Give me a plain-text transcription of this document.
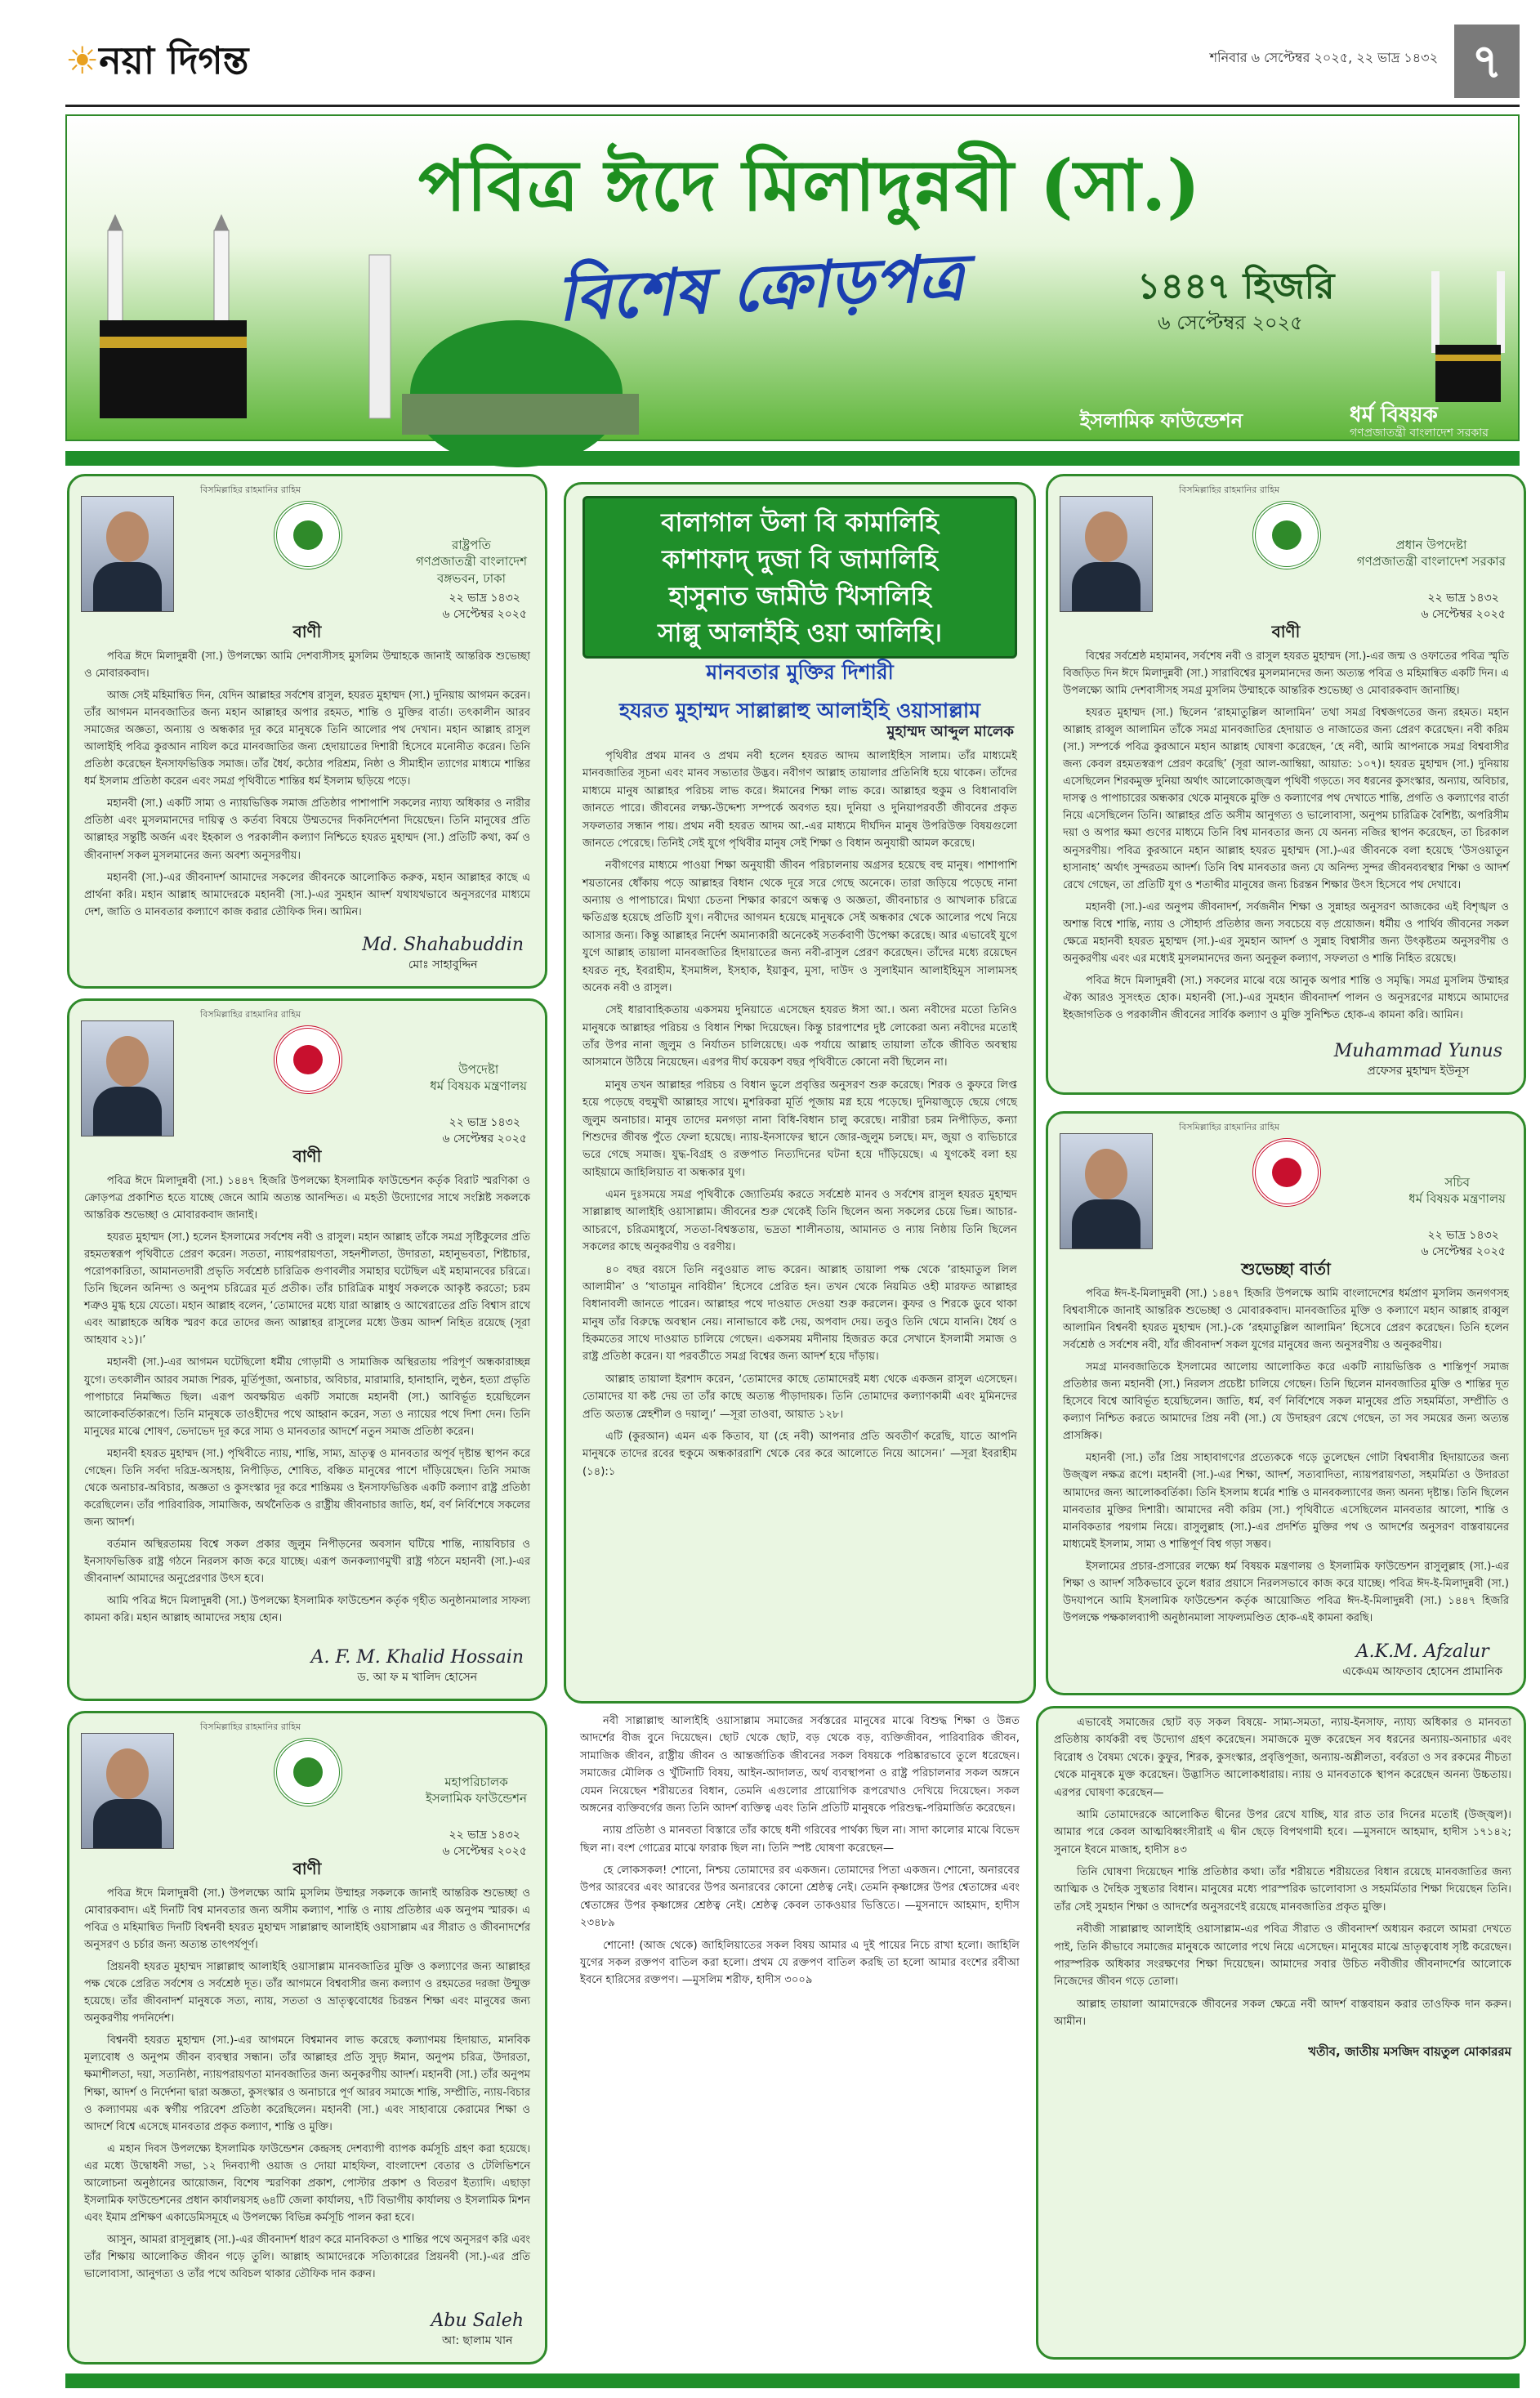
☀নয়া দিগন্ত	শনিবার ৬ সেপ্টেম্বর ২০২৫, ২২ ভাদ্র ১৪৩২ ৭
পবিত্র ঈদে মিলাদুন্নবী (সা.)
বিশেষ ক্রোড়পত্র	১৪৪৭ হিজরি
৬ সেপ্টেম্বর ২০২৫
ইসলামিক ফাউন্ডেশন	ধর্ম বিষয়ক
গণপ্রজাতন্ত্রী বাংলাদেশ সরকার
বিসমিল্লাহির রাহমানির রাহিম
রাষ্ট্রপতি
গণপ্রজাতন্ত্রী বাংলাদেশ
বঙ্গভবন, ঢাকা
২২ ভাদ্র ১৪৩২
৬ সেপ্টেম্বর ২০২৫
বাণী

পবিত্র ঈদে মিলাদুন্নবী (সা.) উপলক্ষ্যে আমি দেশবাসীসহ মুসলিম উম্মাহকে জানাই আন্তরিক শুভেচ্ছা ও মোবারকবাদ।

আজ সেই মহিমান্বিত দিন, যেদিন আল্লাহর সর্বশেষ রাসুল, হযরত মুহাম্মদ (সা.) দুনিয়ায় আগমন করেন। তাঁর আগমন মানবজাতির জন্য মহান আল্লাহর অপার রহমত, শান্তি ও মুক্তির বার্তা। তৎকালীন আরব সমাজের অজ্ঞতা, অন্যায় ও অন্ধকার দূর করে মানুষকে তিনি আলোর পথ দেখান। মহান আল্লাহ রাসুল আলাইহি পবিত্র কুরআন নাযিল করে মানবজাতির জন্য হেদায়াতের দিশারী হিসেবে মনোনীত করেন। তিনি প্রতিষ্ঠা করেছেন ইনসাফভিত্তিক সমাজ। তাঁর ধৈর্য, কঠোর পরিশ্রম, নিষ্ঠা ও সীমাহীন ত্যাগের মাধ্যমে শান্তির ধর্ম ইসলাম প্রতিষ্ঠা করেন এবং সমগ্র পৃথিবীতে শান্তির ধর্ম ইসলাম ছড়িয়ে পড়ে।

মহানবী (সা.) একটি সাম্য ও ন্যায়ভিত্তিক সমাজ প্রতিষ্ঠার পাশাপাশি সকলের ন্যায্য অধিকার ও নারীর প্রতিষ্ঠা এবং মুসলমানদের দায়িত্ব ও কর্তব্য বিষয়ে উম্মতদের দিকনির্দেশনা দিয়েছেন। তিনি মানুষের প্রতি আল্লাহর সন্তুষ্টি অর্জন এবং ইহকাল ও পরকালীন কল্যাণ নিশ্চিতে হযরত মুহাম্মদ (সা.) প্রতিটি কথা, কর্ম ও জীবনাদর্শ সকল মুসলমানের জন্য অবশ্য অনুসরণীয়।

মহানবী (সা.)-এর জীবনাদর্শ আমাদের সকলের জীবনকে আলোকিত করুক, মহান আল্লাহর কাছে এ প্রার্থনা করি। মহান আল্লাহ আমাদেরকে মহানবী (সা.)-এর সুমহান আদর্শ যথাযথভাবে অনুসরণের মাধ্যমে দেশ, জাতি ও মানবতার কল্যাণে কাজ করার তৌফিক দিন। আমিন।

Md. Shahabuddin
মোঃ সাহাবুদ্দিন
বিসমিল্লাহির রাহমানির রাহিম
উপদেষ্টা
ধর্ম বিষয়ক মন্ত্রণালয়
২২ ভাদ্র ১৪৩২
৬ সেপ্টেম্বর ২০২৫
বাণী

পবিত্র ঈদে মিলাদুন্নবী (সা.) ১৪৪৭ হিজরি উপলক্ষ্যে ইসলামিক ফাউন্ডেশন কর্তৃক বিরাট স্মরণিকা ও ক্রোড়পত্র প্রকাশিত হতে যাচ্ছে জেনে আমি অত্যন্ত আনন্দিত। এ মহতী উদ্যোগের সাথে সংশ্লিষ্ট সকলকে আন্তরিক শুভেচ্ছা ও মোবারকবাদ জানাই।

হযরত মুহাম্মদ (সা.) হলেন ইসলামের সর্বশেষ নবী ও রাসুল। মহান আল্লাহ তাঁকে সমগ্র সৃষ্টিকুলের প্রতি রহমতস্বরূপ পৃথিবীতে প্রেরণ করেন। সততা, ন্যায়পরায়ণতা, সহনশীলতা, উদারতা, মহানুভবতা, শিষ্টাচার, পরোপকারিতা, আমানতদারী প্রভৃতি সর্বশ্রেষ্ঠ চারিত্রিক গুণাবলীর সমাহার ঘটেছিল এই মহামানবের চরিত্রে। তিনি ছিলেন অনিন্দ্য ও অনুপম চরিত্রের মূর্ত প্রতীক। তাঁর চারিত্রিক মাধুর্য সকলকে আকৃষ্ট করতো; চরম শত্রুও মুগ্ধ হয়ে যেতো। মহান আল্লাহ বলেন, ‘তোমাদের মধ্যে যারা আল্লাহ ও আখেরাতের প্রতি বিশ্বাস রাখে এবং আল্লাহকে অধিক স্মরণ করে তাদের জন্য আল্লাহর রাসুলের মধ্যে উত্তম আদর্শ নিহিত রয়েছে (সূরা আহযাব ২১)।’

মহানবী (সা.)-এর আগমন ঘটেছিলো ধর্মীয় গোড়ামী ও সামাজিক অস্থিরতায় পরিপূর্ণ অন্ধকারাচ্ছন্ন যুগে। তৎকালীন আরব সমাজ শিরক, মূর্তিপূজা, অনাচার, অবিচার, মারামারি, হানাহানি, লুণ্ঠন, হত্যা প্রভৃতি পাপাচারে নিমজ্জিত ছিল। এরূপ অবক্ষয়িত একটি সমাজে মহানবী (সা.) আবির্ভূত হয়েছিলেন আলোকবর্তিকারূপে। তিনি মানুষকে তাওহীদের পথে আহ্বান করেন, সত্য ও ন্যায়ের পথে দিশা দেন। তিনি মানুষের মাঝে শোষণ, ভেদাভেদ দূর করে সাম্য ও মানবতার আদর্শে নতুন সমাজ প্রতিষ্ঠা করেন।

মহানবী হযরত মুহাম্মদ (সা.) পৃথিবীতে ন্যায়, শান্তি, সাম্য, ভ্রাতৃত্ব ও মানবতার অপূর্ব দৃষ্টান্ত স্থাপন করে গেছেন। তিনি সর্বদা দরিদ্র-অসহায়, নিপীড়িত, শোষিত, বঞ্চিত মানুষের পাশে দাঁড়িয়েছেন। তিনি সমাজ থেকে অনাচার-অবিচার, অজ্ঞতা ও কুসংস্কার দূর করে শান্তিময় ও ইনসাফভিত্তিক একটি কল্যাণ রাষ্ট্র প্রতিষ্ঠা করেছিলেন। তাঁর পারিবারিক, সামাজিক, অর্থনৈতিক ও রাষ্ট্রীয় জীবনাচার জাতি, ধর্ম, বর্ণ নির্বিশেষে সকলের জন্য আদর্শ।

বর্তমান অস্থিরতাময় বিশ্বে সকল প্রকার জুলুম নিপীড়নের অবসান ঘটিয়ে শান্তি, ন্যায়বিচার ও ইনসাফভিত্তিক রাষ্ট্র গঠনে নিরলস কাজ করে যাচ্ছে। এরূপ জনকল্যাণমুখী রাষ্ট্র গঠনে মহানবী (সা.)-এর জীবনাদর্শ আমাদের অনুপ্রেরণার উৎস হবে।

আমি পবিত্র ঈদে মিলাদুন্নবী (সা.) উপলক্ষ্যে ইসলামিক ফাউন্ডেশন কর্তৃক গৃহীত অনুষ্ঠানমালার সাফল্য কামনা করি। মহান আল্লাহ আমাদের সহায় হোন।

A. F. M. Khalid Hossain
ড. আ ফ ম খালিদ হোসেন
বিসমিল্লাহির রাহমানির রাহিম
মহাপরিচালক
ইসলামিক ফাউন্ডেশন
২২ ভাদ্র ১৪৩২
৬ সেপ্টেম্বর ২০২৫
বাণী

পবিত্র ঈদে মিলাদুন্নবী (সা.) উপলক্ষ্যে আমি মুসলিম উম্মাহর সকলকে জানাই আন্তরিক শুভেচ্ছা ও মোবারকবাদ। এই দিনটি বিশ্ব মানবতার জন্য অসীম কল্যাণ, শান্তি ও ন্যায় প্রতিষ্ঠার এক অনুপম স্মারক। এ পবিত্র ও মহিমান্বিত দিনটি বিশ্বনবী হযরত মুহাম্মদ সাল্লাল্লাহু আলাইহি ওয়াসাল্লাম এর সীরাত ও জীবনাদর্শের অনুসরণ ও চর্চার জন্য অত্যন্ত তাৎপর্যপূর্ণ।

প্রিয়নবী হযরত মুহাম্মদ সাল্লাল্লাহু আলাইহি ওয়াসাল্লাম মানবজাতির মুক্তি ও কল্যাণের জন্য আল্লাহর পক্ষ থেকে প্রেরিত সর্বশেষ ও সর্বশ্রেষ্ঠ দূত। তাঁর আগমনে বিশ্ববাসীর জন্য কল্যাণ ও রহমতের দরজা উন্মুক্ত হয়েছে। তাঁর জীবনাদর্শ মানুষকে সত্য, ন্যায়, সততা ও ভ্রাতৃত্ববোধের চিরন্তন শিক্ষা এবং মানুষের জন্য অনুকরণীয় পদনির্দেশ।

বিশ্বনবী হযরত মুহাম্মদ (সা.)-এর আগমনে বিশ্বমানব লাভ করেছে কল্যাণময় হিদায়াত, মানবিক মূল্যবোধ ও অনুপম জীবন ব্যবস্থার সন্ধান। তাঁর আল্লাহর প্রতি সুদৃঢ় ঈমান, অনুপম চরিত্র, উদারতা, ক্ষমাশীলতা, দয়া, সত্যনিষ্ঠা, ন্যায়পরায়ণতা মানবজাতির জন্য অনুকরণীয় আদর্শ। মহানবী (সা.) তাঁর অনুপম শিক্ষা, আদর্শ ও নির্দেশনা দ্বারা অজ্ঞতা, কুসংস্কার ও অনাচারে পূর্ণ আরব সমাজে শান্তি, সম্প্রীতি, ন্যায়-বিচার ও কল্যাণময় এক স্বর্গীয় পরিবেশ প্রতিষ্ঠা করেছিলেন। মহানবী (সা.) এবং সাহাবায়ে কেরামের শিক্ষা ও আদর্শে বিশ্বে এসেছে মানবতার প্রকৃত কল্যাণ, শান্তি ও মুক্তি।

এ মহান দিবস উপলক্ষ্যে ইসলামিক ফাউন্ডেশন কেন্দ্রসহ দেশব্যাপী ব্যাপক কর্মসূচি গ্রহণ করা হয়েছে। এর মধ্যে উদ্বোধনী সভা, ১২ দিনব্যাপী ওয়াজ ও দোয়া মাহফিল, বাংলাদেশ বেতার ও টেলিভিশনে আলোচনা অনুষ্ঠানের আয়োজন, বিশেষ স্মরণিকা প্রকাশ, পোস্টার প্রকাশ ও বিতরণ ইত্যাদি। এছাড়া ইসলামিক ফাউন্ডেশনের প্রধান কার্যালয়সহ ৬৪টি জেলা কার্যালয়, ৭টি বিভাগীয় কার্যালয় ও ইসলামিক মিশন এবং ইমাম প্রশিক্ষণ একাডেমিসমূহে এ উপলক্ষ্যে বিভিন্ন কর্মসূচি পালন করা হবে।

আসুন, আমরা রাসূলুল্লাহ (সা.)-এর জীবনাদর্শ ধারণ করে মানবিকতা ও শান্তির পথে অনুসরণ করি এবং তাঁর শিক্ষায় আলোকিত জীবন গড়ে তুলি। আল্লাহ আমাদেরকে সত্যিকারের প্রিয়নবী (সা.)-এর প্রতি ভালোবাসা, আনুগত্য ও তাঁর পথে অবিচল থাকার তৌফিক দান করুন।

Abu Saleh
আ: ছালাম খান
বালাগাল উলা বি কামালিহি
কাশাফাদ্‌ দুজা বি জামালিহি
হাসুনাত জামীউ খিসালিহি
সাল্লু আলাইহি ওয়া আলিহি।
মানবতার মুক্তির দিশারী
হযরত মুহাম্মদ সাল্লাল্লাহু আলাইহি ওয়াসাল্লাম
মুহাম্মদ আব্দুল মালেক

পৃথিবীর প্রথম মানব ও প্রথম নবী হলেন হযরত আদম আলাইহিস সালাম। তাঁর মাধ্যমেই মানবজাতির সূচনা এবং মানব সভ্যতার উদ্ভব। নবীগণ আল্লাহ তায়ালার প্রতিনিধি হয়ে থাকেন। তাঁদের মাধ্যমে মানুষ আল্লাহর পরিচয় লাভ করে। ঈমানের শিক্ষা লাভ করে। আল্লাহর হুকুম ও বিধানাবলি জানতে পারে। জীবনের লক্ষ্য-উদ্দেশ্য সম্পর্কে অবগত হয়। দুনিয়া ও দুনিয়াপরবর্তী জীবনের প্রকৃত সফলতার সন্ধান পায়। প্রথম নবী হযরত আদম আ.-এর মাধ্যমে দীর্ঘদিন মানুষ উপরিউক্ত বিষয়গুলো জানতে পেরেছে। তিনিই সেই যুগে পৃথিবীর মানুষ সেই শিক্ষা ও বিধান অনুযায়ী আমল করেছে।

নবীগণের মাধ্যমে পাওয়া শিক্ষা অনুযায়ী জীবন পরিচালনায় অগ্রসর হয়েছে বহু মানুষ। পাশাপাশি শয়তানের ধোঁকায় পড়ে আল্লাহর বিধান থেকে দূরে সরে গেছে অনেকে। তারা জড়িয়ে পড়েছে নানা অন্যায় ও পাপাচারে। মিথ্যা চেতনা শিক্ষার কারণে অন্ধত্ব ও অজ্ঞতা, জীবনাচার ও আখলাক চরিত্রে ক্ষতিগ্রস্ত হয়েছে প্রতিটি যুগ। নবীদের আগমন হয়েছে মানুষকে সেই অন্ধকার থেকে আলোর পথে নিয়ে আসার জন্য। কিন্তু আল্লাহর নির্দেশ অমান্যকারী অনেকেই সতর্কবাণী উপেক্ষা করেছে। আর এভাবেই যুগে যুগে আল্লাহ তায়ালা মানবজাতির হিদায়াতের জন্য নবী-রাসুল প্রেরণ করেছেন। তাঁদের মধ্যে রয়েছেন হযরত নূহ, ইবরাহীম, ইসমাঈল, ইসহাক, ইয়াকুব, মুসা, দাউদ ও সুলাইমান আলাইহিমুস সালামসহ অনেক নবী ও রাসুল।

সেই ধারাবাহিকতায় একসময় দুনিয়াতে এসেছেন হযরত ঈসা আ.। অন্য নবীদের মতো তিনিও মানুষকে আল্লাহর পরিচয় ও বিধান শিক্ষা দিয়েছেন। কিন্তু চারপাশের দুষ্ট লোকেরা অন্য নবীদের মতোই তাঁর উপর নানা জুলুম ও নির্যাতন চালিয়েছে। এক পর্যায়ে আল্লাহ তায়ালা তাঁকে জীবিত অবস্থায় আসমানে উঠিয়ে নিয়েছেন। এরপর দীর্ঘ কয়েকশ বছর পৃথিবীতে কোনো নবী ছিলেন না।

মানুষ তখন আল্লাহর পরিচয় ও বিধান ভুলে প্রবৃত্তির অনুসরণ শুরু করেছে। শিরক ও কুফরে লিপ্ত হয়ে পড়েছে বহুমুখী আল্লাহর সাথে। মুশরিকরা মূর্তি পূজায় মগ্ন হয়ে পড়েছে। দুনিয়াজুড়ে ছেয়ে গেছে জুলুম অনাচার। মানুষ তাদের মনগড়া নানা বিধি-বিধান চালু করেছে। নারীরা চরম নিপীড়িত, কন্যা শিশুদের জীবন্ত পুঁতে ফেলা হয়েছে। ন্যায়-ইনসাফের স্থানে জোর-জুলুম চলছে। মদ, জুয়া ও ব্যভিচারে ভরে গেছে সমাজ। যুদ্ধ-বিগ্রহ ও রক্তপাত নিত্যদিনের ঘটনা হয়ে দাঁড়িয়েছে। এ যুগকেই বলা হয় আইয়ামে জাহিলিয়াত বা অন্ধকার যুগ।

এমন দুঃসময়ে সমগ্র পৃথিবীকে জ্যোতির্ময় করতে সর্বশ্রেষ্ঠ মানব ও সর্বশেষ রাসুল হযরত মুহাম্মদ সাল্লাল্লাহু আলাইহি ওয়াসাল্লাম। জীবনের শুরু থেকেই তিনি ছিলেন অন্য সকলের চেয়ে ভিন্ন। আচার-আচরণে, চরিত্রমাধুর্যে, সততা-বিশ্বস্ততায়, ভদ্রতা শালীনতায়, আমানত ও ন্যায় নিষ্ঠায় তিনি ছিলেন সকলের কাছে অনুকরণীয় ও বরণীয়।

৪০ বছর বয়সে তিনি নবুওয়াত লাভ করেন। আল্লাহ তায়ালা পক্ষ থেকে ‘রাহমাতুল লিল আলামীন’ ও ‘খাতামুন নাবিয়ীন’ হিসেবে প্রেরিত হন। তখন থেকে নিয়মিত ওহী মারফত আল্লাহর বিধানাবলী জানতে পারেন। আল্লাহর পথে দাওয়াত দেওয়া শুরু করলেন। কুফর ও শিরকে ডুবে থাকা মানুষ তাঁর বিরুদ্ধে অবস্থান নেয়। নানাভাবে কষ্ট দেয়, অপবাদ দেয়। তবুও তিনি থেমে যাননি। ধৈর্য ও হিকমতের সাথে দাওয়াত চালিয়ে গেছেন। একসময় মদীনায় হিজরত করে সেখানে ইসলামী সমাজ ও রাষ্ট্র প্রতিষ্ঠা করেন। যা পরবর্তীতে সমগ্র বিশ্বের জন্য আদর্শ হয়ে দাঁড়ায়।

আল্লাহ তায়ালা ইরশাদ করেন, ‘তোমাদের কাছে তোমাদেরই মধ্য থেকে একজন রাসুল এসেছেন। তোমাদের যা কষ্ট দেয় তা তাঁর কাছে অত্যন্ত পীড়াদায়ক। তিনি তোমাদের কল্যাণকামী এবং মুমিনদের প্রতি অত্যন্ত স্নেহশীল ও দয়ালু।’ —সূরা তাওবা, আয়াত ১২৮।

এটি (কুরআন) এমন এক কিতাব, যা (হে নবী) আপনার প্রতি অবতীর্ণ করেছি, যাতে আপনি মানুষকে তাদের রবের হুকুমে অন্ধকাররাশি থেকে বের করে আলোতে নিয়ে আসেন।’ —সূরা ইবরাহীম (১৪):১

নবী সাল্লাল্লাহু আলাইহি ওয়াসাল্লাম সমাজের সর্বস্তরের মানুষের মাঝে বিশুদ্ধ শিক্ষা ও উন্নত আদর্শের বীজ বুনে দিয়েছেন। ছোট থেকে ছোট, বড় থেকে বড়, ব্যক্তিজীবন, পারিবারিক জীবন, সামাজিক জীবন, রাষ্ট্রীয় জীবন ও আন্তর্জাতিক জীবনের সকল বিষয়কে পরিষ্কারভাবে তুলে ধরেছেন। সমাজের মৌলিক ও খুঁটিনাটি বিষয়, আইন-আদালত, অর্থ ব্যবস্থাপনা ও রাষ্ট্র পরিচালনার সকল অঙ্গনে যেমন নিয়েছেন শরীয়তের বিধান, তেমনি এগুলোর প্রায়োগিক রূপরেখাও দেখিয়ে দিয়েছেন। সকল অঙ্গনের ব্যক্তিবর্গের জন্য তিনি আদর্শ ব্যক্তিত্ব এবং তিনি প্রতিটি মানুষকে পরিশুদ্ধ-পরিমার্জিত করেছেন।

ন্যায় প্রতিষ্ঠা ও মানবতা বিস্তারে তাঁর কাছে ধনী গরিবের পার্থক্য ছিল না। সাদা কালোর মাঝে বিভেদ ছিল না। বংশ গোত্রের মাঝে ফারাক ছিল না। তিনি স্পষ্ট ঘোষণা করেছেন—

হে লোকসকল! শোনো, নিশ্চয় তোমাদের রব একজন। তোমাদের পিতা একজন। শোনো, অনারবের উপর আরবের এবং আরবের উপর অনারবের কোনো শ্রেষ্ঠত্ব নেই। তেমনি কৃষ্ণাঙ্গের উপর শ্বেতাঙ্গের এবং শ্বেতাঙ্গের উপর কৃষ্ণাঙ্গের শ্রেষ্ঠত্ব নেই। শ্রেষ্ঠত্ব কেবল তাকওয়ার ভিত্তিতে। —মুসনাদে আহমাদ, হাদীস ২৩৪৮৯

শোনো! (আজ থেকে) জাহিলিয়াতের সকল বিষয় আমার এ দুই পায়ের নিচে রাখা হলো। জাহিলি যুগের সকল রক্তপণ বাতিল করা হলো। প্রথম যে রক্তপণ বাতিল করছি তা হলো আমার বংশের রবীআ ইবনে হারিসের রক্তপণ। —মুসলিম শরীফ, হাদীস ৩০০৯

বিসমিল্লাহির রাহমানির রাহিম
প্রধান উপদেষ্টা
গণপ্রজাতন্ত্রী বাংলাদেশ সরকার
২২ ভাদ্র ১৪৩২
৬ সেপ্টেম্বর ২০২৫
বাণী

বিশ্বের সর্বশ্রেষ্ঠ মহামানব, সর্বশেষ নবী ও রাসুল হযরত মুহাম্মদ (সা.)-এর জন্ম ও ওফাতের পবিত্র স্মৃতি বিজড়িত দিন ঈদে মিলাদুন্নবী (সা.) সারাবিশ্বের মুসলমানদের জন্য অত্যন্ত পবিত্র ও মহিমান্বিত একটি দিন। এ উপলক্ষ্যে আমি দেশবাসীসহ সমগ্র মুসলিম উম্মাহকে আন্তরিক শুভেচ্ছা ও মোবারকবাদ জানাচ্ছি।

হযরত মুহাম্মদ (সা.) ছিলেন ‘রাহমাতুল্লিল আলামিন’ তথা সমগ্র বিশ্বজগতের জন্য রহমত। মহান আল্লাহ রাব্বুল আলামিন তাঁকে সমগ্র মানবজাতির হেদায়াত ও নাজাতের জন্য প্রেরণ করেছেন। নবী করিম (সা.) সম্পর্কে পবিত্র কুরআনে মহান আল্লাহ ঘোষণা করেছেন, ‘হে নবী, আমি আপনাকে সমগ্র বিশ্ববাসীর জন্য কেবল রহমতস্বরূপ প্রেরণ করেছি’ (সূরা আল-আম্বিয়া, আয়াত: ১০৭)। হযরত মুহাম্মদ (সা.) দুনিয়ায় এসেছিলেন শিরকমুক্ত দুনিয়া অর্থাৎ আলোকোজ্জ্বল পৃথিবী গড়তে। সব ধরনের কুসংস্কার, অন্যায়, অবিচার, দাসত্ব ও পাপাচারের অন্ধকার থেকে মানুষকে মুক্তি ও কল্যাণের পথ দেখাতে শান্তি, প্রগতি ও কল্যাণের বার্তা নিয়ে এসেছিলেন তিনি। আল্লাহর প্রতি অসীম আনুগত্য ও ভালোবাসা, অনুপম চারিত্রিক বৈশিষ্ট্য, অপরিসীম দয়া ও অপার ক্ষমা গুণের মাধ্যমে তিনি বিশ্ব মানবতার জন্য যে অনন্য নজির স্থাপন করেছেন, তা চিরকাল অনুসরণীয়। পবিত্র কুরআনে মহান আল্লাহ হযরত মুহাম্মদ (সা.)-এর জীবনকে বলা হয়েছে ‘উসওয়াতুন হাসানাহ’ অর্থাৎ সুন্দরতম আদর্শ। তিনি বিশ্ব মানবতার জন্য যে অনিন্দ্য সুন্দর জীবনব্যবস্থার শিক্ষা ও আদর্শ রেখে গেছেন, তা প্রতিটি যুগ ও শতাব্দীর মানুষের জন্য চিরন্তন শিক্ষার উৎস হিসেবে পথ দেখাবে।

মহানবী (সা.)-এর অনুপম জীবনাদর্শ, সর্বজনীন শিক্ষা ও সুন্নাহর অনুসরণ আজকের এই বিশৃঙ্খল ও অশান্ত বিশ্বে শান্তি, ন্যায় ও সৌহার্দ্য প্রতিষ্ঠার জন্য সবচেয়ে বড় প্রয়োজন। ধর্মীয় ও পার্থিব জীবনের সকল ক্ষেত্রে মহানবী হযরত মুহাম্মদ (সা.)-এর সুমহান আদর্শ ও সুন্নাহ বিশ্বাসীর জন্য উৎকৃষ্টতম অনুসরণীয় ও অনুকরণীয় এবং এর মধ্যেই মুসলমানদের জন্য অনুকূল কল্যাণ, সফলতা ও শান্তি নিহিত রয়েছে।

পবিত্র ঈদে মিলাদুন্নবী (সা.) সকলের মাঝে বয়ে আনুক অপার শান্তি ও সমৃদ্ধি। সমগ্র মুসলিম উম্মাহর ঐক্য আরও সুসংহত হোক। মহানবী (সা.)-এর সুমহান জীবনাদর্শ পালন ও অনুসরণের মাধ্যমে আমাদের ইহজাগতিক ও পরকালীন জীবনের সার্বিক কল্যাণ ও মুক্তি সুনিশ্চিত হোক-এ কামনা করি। আমিন।

Muhammad Yunus
প্রফেসর মুহাম্মদ ইউনূস
বিসমিল্লাহির রাহমানির রাহিম
সচিব
ধর্ম বিষয়ক মন্ত্রণালয়
২২ ভাদ্র ১৪৩২
৬ সেপ্টেম্বর ২০২৫
শুভেচ্ছা বার্তা

পবিত্র ঈদ-ই-মিলাদুন্নবী (সা.) ১৪৪৭ হিজরি উপলক্ষে আমি বাংলাদেশের ধর্মপ্রাণ মুসলিম জনগণসহ বিশ্ববাসীকে জানাই আন্তরিক শুভেচ্ছা ও মোবারকবাদ। মানবজাতির মুক্তি ও কল্যাণে মহান আল্লাহ রাব্বুল আলামিন বিশ্বনবী হযরত মুহাম্মদ (সা.)-কে ‘রহমাতুল্লিল আলামিন’ হিসেবে প্রেরণ করেছেন। তিনি হলেন সর্বশ্রেষ্ঠ ও সর্বশেষ নবী, যাঁর জীবনাদর্শ সকল যুগের মানুষের জন্য অনুসরণীয় ও অনুকরণীয়।

সমগ্র মানবজাতিকে ইসলামের আলোয় আলোকিত করে একটি ন্যায়ভিত্তিক ও শান্তিপূর্ণ সমাজ প্রতিষ্ঠার জন্য মহানবী (সা.) নিরলস প্রচেষ্টা চালিয়ে গেছেন। তিনি ছিলেন মানবজাতির মুক্তি ও শান্তির দূত হিসেবে বিশ্বে আবির্ভূত হয়েছিলেন। জাতি, ধর্ম, বর্ণ নির্বিশেষে সকল মানুষের প্রতি সহমর্মিতা, সম্প্রীতি ও কল্যাণ নিশ্চিত করতে আমাদের প্রিয় নবী (সা.) যে উদাহরণ রেখে গেছেন, তা সব সময়ের জন্য অত্যন্ত প্রাসঙ্গিক।

মহানবী (সা.) তাঁর প্রিয় সাহাবাগণের প্রত্যেককে গড়ে তুলেছেন গোটা বিশ্ববাসীর হিদায়াতের জন্য উজ্জ্বল নক্ষত্র রূপে। মহানবী (সা.)-এর শিক্ষা, আদর্শ, সত্যবাদিতা, ন্যায়পরায়ণতা, সহমর্মিতা ও উদারতা আমাদের জন্য আলোকবর্তিকা। তিনি ইসলাম ধর্মের শান্তি ও মানবকল্যাণের জন্য অনন্য দৃষ্টান্ত। তিনি ছিলেন মানবতার মুক্তির দিশারী। আমাদের নবী করিম (সা.) পৃথিবীতে এসেছিলেন মানবতার আলো, শান্তি ও মানবিকতার পয়গাম নিয়ে। রাসুলুল্লাহ (সা.)-এর প্রদর্শিত মুক্তির পথ ও আদর্শের অনুসরণ বাস্তবায়নের মাধ্যমেই ইসলাম, সাম্য ও শান্তিপূর্ণ বিশ্ব গড়া সম্ভব।

ইসলামের প্রচার-প্রসারের লক্ষ্যে ধর্ম বিষয়ক মন্ত্রণালয় ও ইসলামিক ফাউন্ডেশন রাসুলুল্লাহ (সা.)-এর শিক্ষা ও আদর্শ সঠিকভাবে তুলে ধরার প্রয়াসে নিরলসভাবে কাজ করে যাচ্ছে। পবিত্র ঈদ-ই-মিলাদুন্নবী (সা.) উদযাপনে আমি ইসলামিক ফাউন্ডেশন কর্তৃক আয়োজিত পবিত্র ঈদ-ই-মিলাদুন্নবী (সা.) ১৪৪৭ হিজরি উপলক্ষে পক্ষকালব্যাপী অনুষ্ঠানমালা সাফল্যমণ্ডিত হোক-এই কামনা করছি।

A.K.M. Afzalur
একেএম আফতাব হোসেন প্রামানিক

এভাবেই সমাজের ছোট বড় সকল বিষয়ে- সাম্য-সমতা, ন্যায়-ইনসাফ, ন্যায্য অধিকার ও মানবতা প্রতিষ্ঠায় কার্যকরী বহু উদ্যোগ গ্রহণ করেছেন। সমাজকে মুক্ত করেছেন সব ধরনের অন্যায়-অনাচার এবং বিরোধ ও বৈষম্য থেকে। কুফুর, শিরক, কুসংস্কার, প্রবৃত্তিপূজা, অন্যায়-অশ্লীলতা, বর্বরতা ও সব রকমের নীচতা থেকে মানুষকে মুক্ত করেছেন। উদ্ভাসিত আলোকধারায়। ন্যায় ও মানবতাকে স্থাপন করেছেন অনন্য উচ্চতায়। এরপর ঘোষণা করেছেন—

আমি তোমাদেরকে আলোকিত দ্বীনের উপর রেখে যাচ্ছি, যার রাত তার দিনের মতোই (উজ্জ্বল)। আমার পরে কেবল আত্মবিধ্বংসীরাই এ দ্বীন ছেড়ে বিপথগামী হবে। —মুসনাদে আহমাদ, হাদীস ১৭১৪২; সুনানে ইবনে মাজাহ, হাদীস ৪৩

তিনি ঘোষণা দিয়েছেন শান্তি প্রতিষ্ঠার কথা। তাঁর শরীয়তে শরীয়তের বিধান রয়েছে মানবজাতির জন্য আত্মিক ও দৈহিক সুস্থতার বিধান। মানুষের মধ্যে পারস্পরিক ভালোবাসা ও সহমর্মিতার শিক্ষা দিয়েছেন তিনি। তাঁর সেই সুমহান শিক্ষা ও আদর্শের অনুসরণেই রয়েছে মানবজাতির প্রকৃত মুক্তি।

নবীজী সাল্লাল্লাহু আলাইহি ওয়াসাল্লাম-এর পবিত্র সীরাত ও জীবনাদর্শ অধ্যয়ন করলে আমরা দেখতে পাই, তিনি কীভাবে সমাজের মানুষকে আলোর পথে নিয়ে এসেছেন। মানুষের মাঝে ভ্রাতৃত্ববোধ সৃষ্টি করেছেন। পারস্পরিক অধিকার সংরক্ষণের শিক্ষা দিয়েছেন। আমাদের সবার উচিত নবীজীর জীবনাদর্শের আলোকে নিজেদের জীবন গড়ে তোলা।

আল্লাহ তায়ালা আমাদেরকে জীবনের সকল ক্ষেত্রে নবী আদর্শ বাস্তবায়ন করার তাওফিক দান করুন। আমীন।

খতীব, জাতীয় মসজিদ বায়তুল মোকাররম
